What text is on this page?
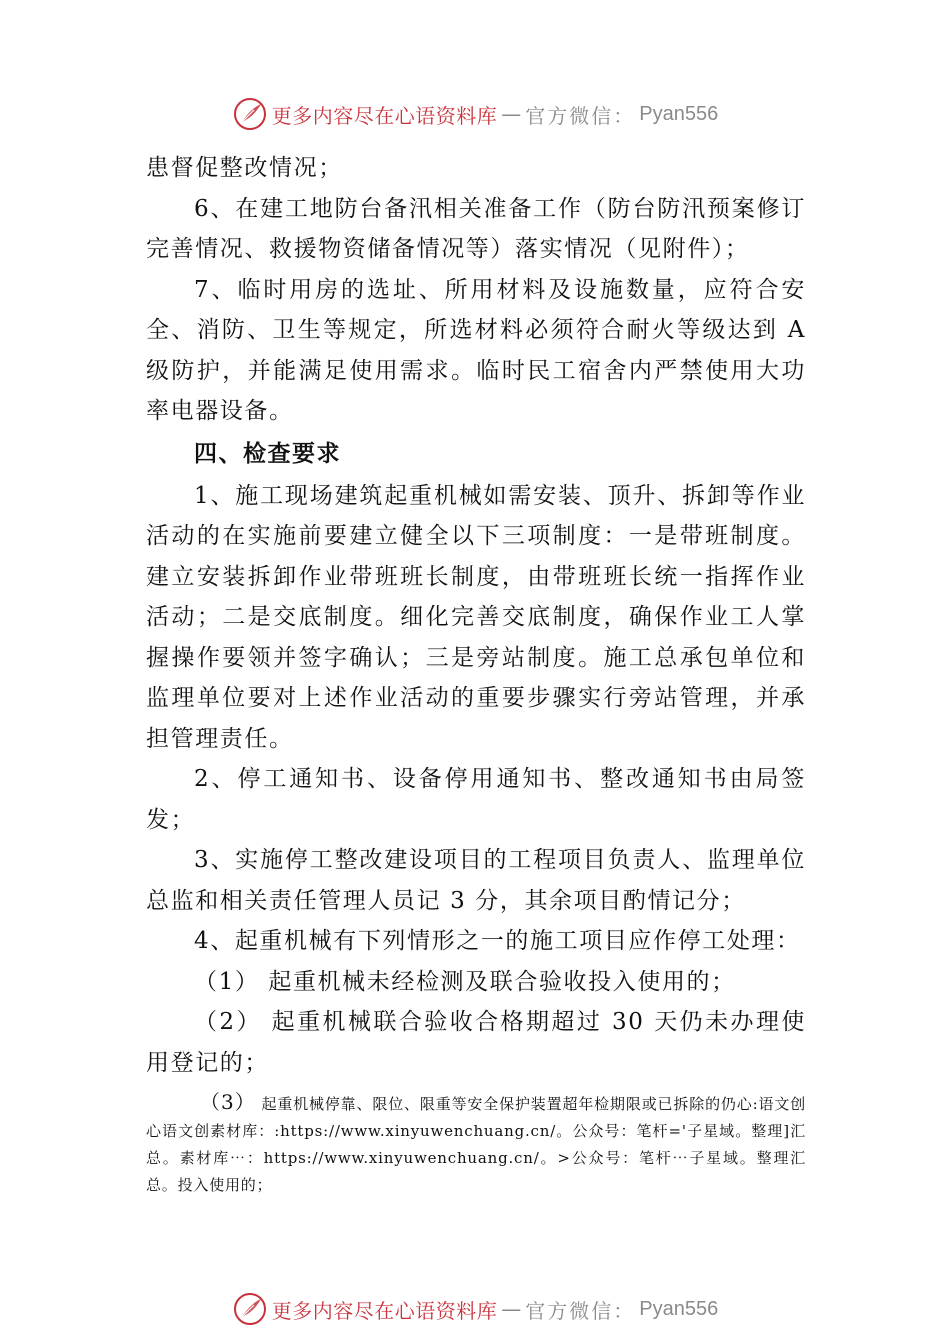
更多内容尽在心语资料库 — 官方微信： Pyan556

患督促整改情况；

6、在建工地防台备汛相关准备工作（防台防汛预案修订完善情况、救援物资储备情况等）落实情况（见附件）；

7、临时用房的选址、所用材料及设施数量，应符合安全、消防、卫生等规定，所选材料必须符合耐火等级达到 A 级防护，并能满足使用需求。临时民工宿舍内严禁使用大功率电器设备。

四、检查要求

1、施工现场建筑起重机械如需安装、顶升、拆卸等作业活动的在实施前要建立健全以下三项制度：一是带班制度。 建立安装拆卸作业带班班长制度，由带班班长统一指挥作业活动；二是交底制度。细化完善交底制度，确保作业工人掌握操作要领并签字确认；三是旁站制度。施工总承包单位和监理单位要对上述作业活动的重要步骤实行旁站管理，并承担管理责任。

2、停工通知书、设备停用通知书、整改通知书由局签发；

3、实施停工整改建设项目的工程项目负责人、监理单位总监和相关责任管理人员记 3 分，其余项目酌情记分；

4、起重机械有下列情形之一的施工项目应作停工处理：

（1） 起重机械未经检测及联合验收投入使用的；

（2） 起重机械联合验收合格期超过 30 天仍未办理使用登记的；

（3） 起重机械停靠、限位、限重等安全保护装置超年检期限或已拆除的仍心:语文创心语文创素材库：:https://www.xinyuwenchuang.cn/。公众号：笔杆='子星域。整理]汇总。素材库⋯：https://www.xinyuwenchuang.cn/。>公众号：笔杆⋯子星域。整理汇总。投入使用的；

更多内容尽在心语资料库 — 官方微信： Pyan556
